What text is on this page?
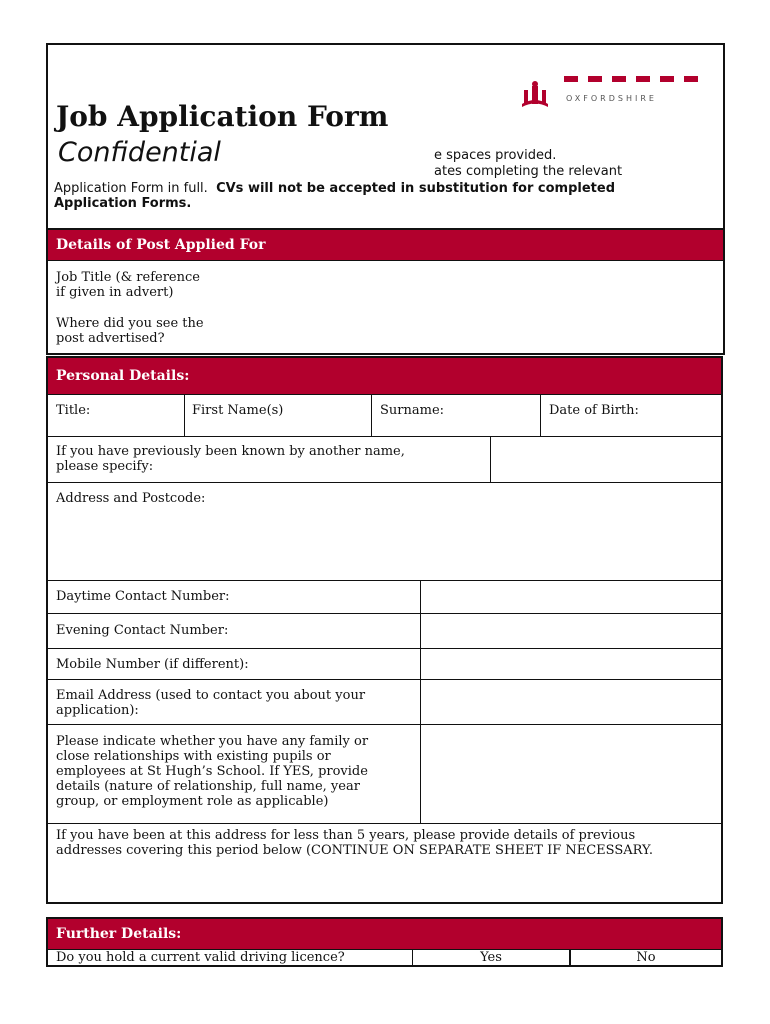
OXFORDSHIRE
Job Application Form
Confidential	e spaces provided.
ates completing the relevant
Application Form in full. CVs will not be accepted in substitution for completed
Application Forms.
Details of Post Applied For
Job Title (& reference
if given in advert)
Where did you see the
post advertised?
Personal Details:
Title:	First Name(s)	Surname:	Date of Birth:
If you have previously been known by another name,
please specify:
Address and Postcode:
Daytime Contact Number:
Evening Contact Number:
Mobile Number (if different):
Email Address (used to contact you about your
application):
Please indicate whether you have any family or
close relationships with existing pupils or
employees at St Hugh’s School. If YES, provide
details (nature of relationship, full name, year
group, or employment role as applicable)
If you have been at this address for less than 5 years, please provide details of previous
addresses covering this period below (CONTINUE ON SEPARATE SHEET IF NECESSARY.
Further Details:
Do you hold a current valid driving licence?	Yes	No
